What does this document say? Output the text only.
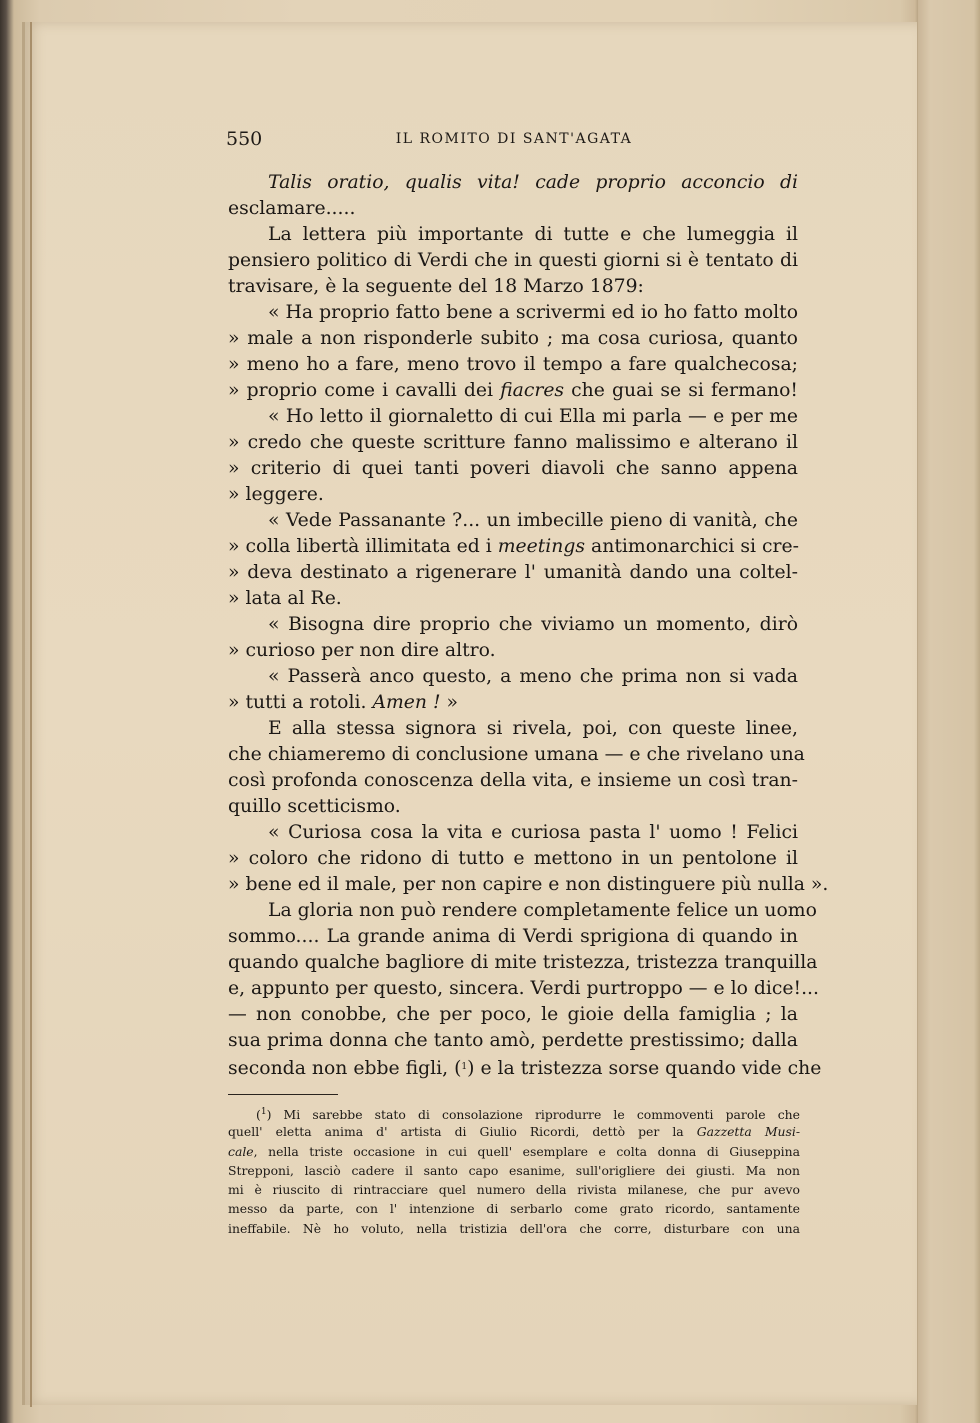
550	IL ROMITO DI SANT'AGATA
Talis oratio, qualis vita! cade proprio acconcio di
esclamare.....
La lettera più importante di tutte e che lumeggia il
pensiero politico di Verdi che in questi giorni si è tentato di
travisare, è la seguente del 18 Marzo 1879:
« Ha proprio fatto bene a scrivermi ed io ho fatto molto
» male a non risponderle subito ; ma cosa curiosa, quanto
» meno ho a fare, meno trovo il tempo a fare qualchecosa;
» proprio come i cavalli dei fiacres che guai se si fermano!
« Ho letto il giornaletto di cui Ella mi parla — e per me
» credo che queste scritture fanno malissimo e alterano il
» criterio di quei tanti poveri diavoli che sanno appena
» leggere.
« Vede Passanante ?... un imbecille pieno di vanità, che
» colla libertà illimitata ed i meetings antimonarchici si cre-
» deva destinato a rigenerare l' umanità dando una coltel-
» lata al Re.
« Bisogna dire proprio che viviamo un momento, dirò
» curioso per non dire altro.
« Passerà anco questo, a meno che prima non si vada
» tutti a rotoli. Amen ! »
E alla stessa signora si rivela, poi, con queste linee,
che chiameremo di conclusione umana — e che rivelano una
così profonda conoscenza della vita, e insieme un così tran-
quillo scetticismo.
« Curiosa cosa la vita e curiosa pasta l' uomo ! Felici
» coloro che ridono di tutto e mettono in un pentolone il
» bene ed il male, per non capire e non distinguere più nulla ».
La gloria non può rendere completamente felice un uomo
sommo.... La grande anima di Verdi sprigiona di quando in
quando qualche bagliore di mite tristezza, tristezza tranquilla
e, appunto per questo, sincera. Verdi purtroppo — e lo dice!...
— non conobbe, che per poco, le gioie della famiglia ; la
sua prima donna che tanto amò, perdette prestissimo; dalla
seconda non ebbe figli, ($^1$) e la tristezza sorse quando vide che
($^1$) Mi sarebbe stato di consolazione riprodurre le commoventi parole che
quell' eletta anima d' artista di Giulio Ricordi, dettò per la Gazzetta Musi-
cale, nella triste occasione in cui quell' esemplare e colta donna di Giuseppina
Strepponi, lasciò cadere il santo capo esanime, sull'origliere dei giusti. Ma non
mi è riuscito di rintracciare quel numero della rivista milanese, che pur avevo
messo da parte, con l' intenzione di serbarlo come grato ricordo, santamente
ineffabile. Nè ho voluto, nella tristizia dell'ora che corre, disturbare con una
